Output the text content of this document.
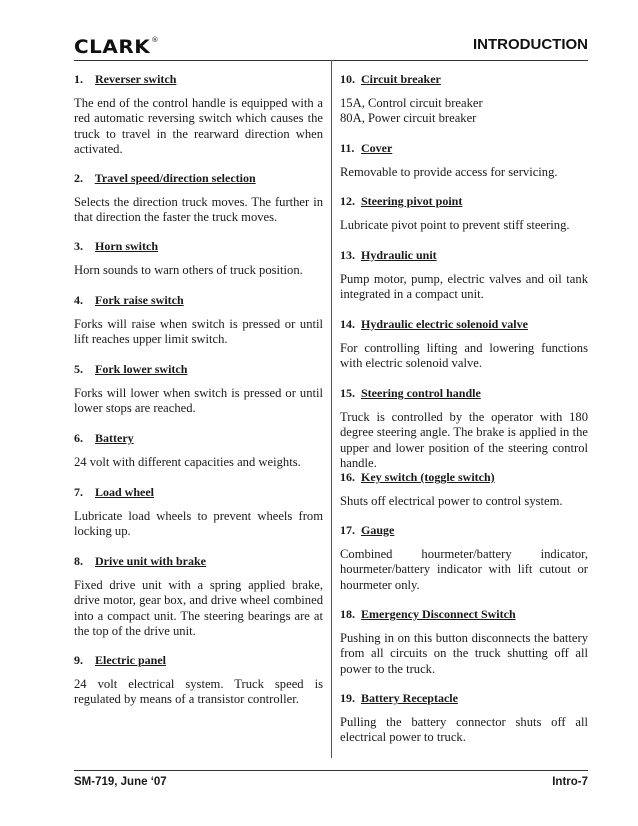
CLARK®	INTRODUCTION

1. Reverser switch

The end of the control handle is equipped with a red automatic reversing switch which causes the truck to travel in the rearward direction when activated.

2. Travel speed/direction selection

Selects the direction truck moves. The further in that direction the faster the truck moves.

3. Horn switch

Horn sounds to warn others of truck position.

4. Fork raise switch

Forks will raise when switch is pressed or until lift reaches upper limit switch.

5. Fork lower switch

Forks will lower when switch is pressed or until lower stops are reached.

6. Battery

24 volt with different capacities and weights.

7. Load wheel

Lubricate load wheels to prevent wheels from locking up.

8. Drive unit with brake

Fixed drive unit with a spring applied brake, drive motor, gear box, and drive wheel combined into a compact unit. The steering bearings are at the top of the drive unit.

9. Electric panel

24 volt electrical system. Truck speed is regulated by means of a transistor controller.

10. Circuit breaker

15A, Control circuit breaker
80A, Power circuit breaker

11. Cover

Removable to provide access for servicing.

12. Steering pivot point

Lubricate pivot point to prevent stiff steering.

13. Hydraulic unit

Pump motor, pump, electric valves and oil tank integrated in a compact unit.

14. Hydraulic electric solenoid valve

For controlling lifting and lowering functions with electric solenoid valve.

15. Steering control handle

Truck is controlled by the operator with 180 degree steering angle. The brake is applied in the upper and lower position of the steering control handle.

16. Key switch (toggle switch)

Shuts off electrical power to control system.

17. Gauge

Combined hourmeter/battery indicator, hourmeter/battery indicator with lift cutout or hourmeter only.

18. Emergency Disconnect Switch

Pushing in on this button disconnects the battery from all circuits on the truck shutting off all power to the truck.

19. Battery Receptacle

Pulling the battery connector shuts off all electrical power to truck.

SM-719, June ‘07	Intro-7
